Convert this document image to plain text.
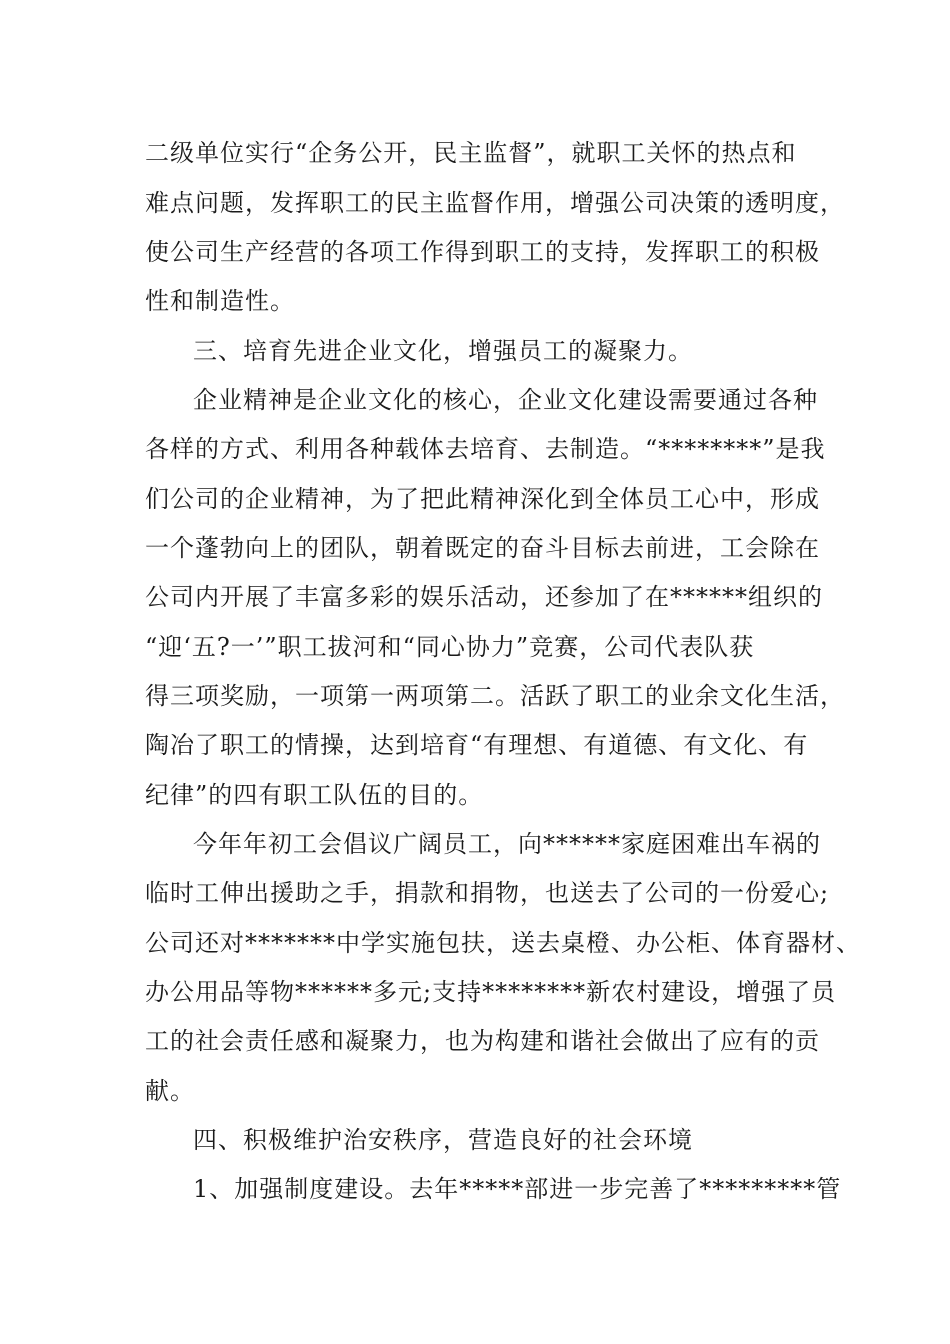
二级单位实行“企务公开，民主监督”，就职工关怀的热点和
难点问题，发挥职工的民主监督作用，增强公司决策的透明度，
使公司生产经营的各项工作得到职工的支持，发挥职工的积极
性和制造性。
三、培育先进企业文化，增强员工的凝聚力。
企业精神是企业文化的核心，企业文化建设需要通过各种
各样的方式、利用各种载体去培育、去制造。“********”是我
们公司的企业精神，为了把此精神深化到全体员工心中，形成
一个蓬勃向上的团队，朝着既定的奋斗目标去前进，工会除在
公司内开展了丰富多彩的娱乐活动，还参加了在******组织的
“迎‘五?一’”职工拔河和“同心协力”竞赛，公司代表队获
得三项奖励，一项第一两项第二。活跃了职工的业余文化生活，
陶冶了职工的情操，达到培育“有理想、有道德、有文化、有
纪律”的四有职工队伍的目的。
今年年初工会倡议广阔员工，向******家庭困难出车祸的
临时工伸出援助之手，捐款和捐物，也送去了公司的一份爱心;
公司还对*******中学实施包扶，送去桌橙、办公柜、体育器材、
办公用品等物******多元;支持********新农村建设，增强了员
工的社会责任感和凝聚力，也为构建和谐社会做出了应有的贡
献。
四、积极维护治安秩序，营造良好的社会环境
1、加强制度建设。去年*****部进一步完善了*********管
